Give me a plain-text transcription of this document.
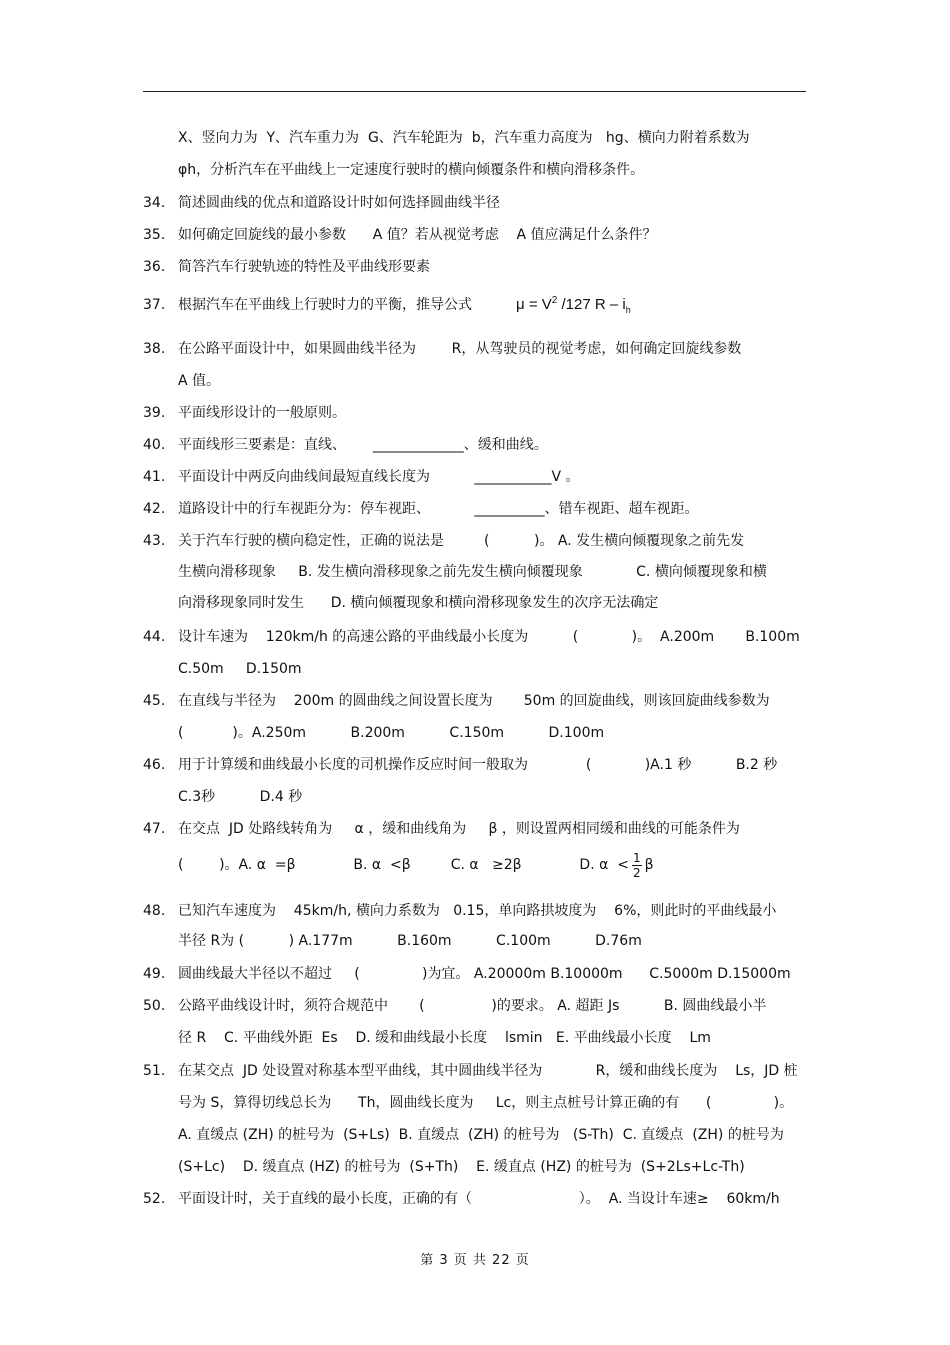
X、竖向力为  Y、汽车重力为  G、汽车轮距为  b，汽车重力高度为   hg、横向力附着系数为
φh，分析汽车在平曲线上一定速度行驶时的横向倾覆条件和横向滑移条件。
34. 简述圆曲线的优点和道路设计时如何选择圆曲线半径
35. 如何确定回旋线的最小参数      A 值？若从视觉考虑    A 值应满足什么条件？
36. 简答汽车行驶轨迹的特性及平曲线形要素
37. 根据汽车在平曲线上行驶时力的平衡，推导公式	$\mu = V^2$ /127 R – $i_h$
38. 在公路平面设计中，如果圆曲线半径为        R，从驾驶员的视觉考虑，如何确定回旋线参数
A 值。
39. 平面线形设计的一般原则。
40. 平面线形三要素是：直线、      _____________、缓和曲线。
41. 平面设计中两反向曲线间最短直线长度为          ___________V 。
42. 道路设计中的行车视距分为：停车视距、          __________、错车视距、超车视距。
43. 关于汽车行驶的横向稳定性，正确的说法是         (          )。 A. 发生横向倾覆现象之前先发
生横向滑移现象     B. 发生横向滑移现象之前先发生横向倾覆现象            C. 横向倾覆现象和横
向滑移现象同时发生      D. 横向倾覆现象和横向滑移现象发生的次序无法确定
44. 设计车速为    120km/h 的高速公路的平曲线最小长度为          (            )。  A.200m       B.100m
C.50m     D.150m
45. 在直线与半径为    200m 的圆曲线之间设置长度为       50m 的回旋曲线，则该回旋曲线参数为
(           )。A.250m          B.200m          C.150m          D.100m
46. 用于计算缓和曲线最小长度的司机操作反应时间一般取为             (            )A.1 秒          B.2 秒
C.3秒          D.4 秒
47. 在交点  JD 处路线转角为     α ，缓和曲线角为     β ，则设置两相同缓和曲线的可能条件为
(        )。A. α  =β             B. α  <β         C. α   ≥2β             D. $\alpha < \frac{1}{2}$ β
48. 已知汽车速度为    45km/h, 横向力系数为   0.15，单向路拱坡度为    6%，则此时的平曲线最小
半径 R为 (          ) A.177m          B.160m          C.100m          D.76m
49. 圆曲线最大半径以不超过     (              )为宜。 A.20000m B.10000m      C.5000m D.15000m
50. 公路平曲线设计时，须符合规范中       (               )的要求。 A. 超距 Js          B. 圆曲线最小半
径 R    C. 平曲线外距  Es    D. 缓和曲线最小长度    lsmin   E. 平曲线最小长度    Lm
51. 在某交点  JD 处设置对称基本型平曲线，其中圆曲线半径为            R，缓和曲线长度为    Ls，JD 桩
号为 S，算得切线总长为      Th，圆曲线长度为     Lc，则主点桩号计算正确的有      (              )。
A. 直缓点 (ZH) 的桩号为  (S+Ls)  B. 直缓点  (ZH) 的桩号为   (S-Th)  C. 直缓点  (ZH) 的桩号为
(S+Lc)    D. 缓直点 (HZ) 的桩号为  (S+Th)    E. 缓直点 (HZ) 的桩号为  (S+2Ls+Lc-Th)
52. 平面设计时，关于直线的最小长度，正确的有（                        ）。  A. 当设计车速≥    60km/h
第 3 页 共 22 页
